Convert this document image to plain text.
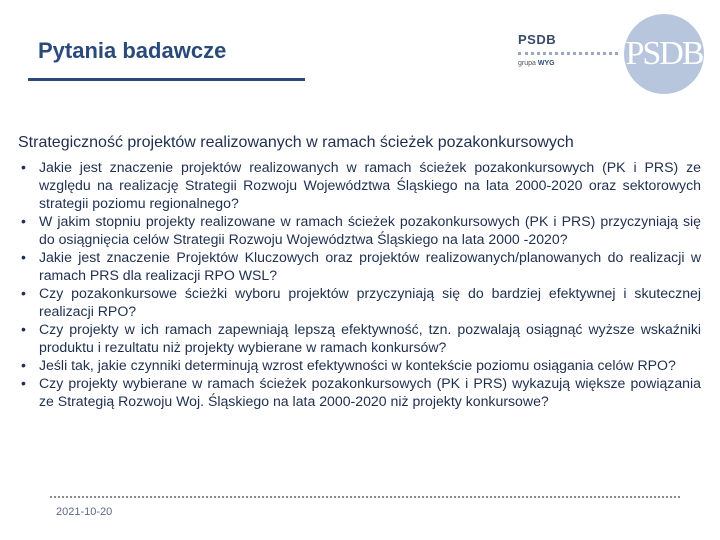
Pytania badawcze	PSDB
grupa WYG PSDB
Strategiczność projektów realizowanych w ramach ścieżek pozakonkursowych
• Jakie jest znaczenie projektów realizowanych w ramach ścieżek pozakonkursowych (PK i PRS) ze względu na realizację Strategii Rozwoju Województwa Śląskiego na lata 2000-2020 oraz sektorowych strategii poziomu regionalnego?
• W jakim stopniu projekty realizowane w ramach ścieżek pozakonkursowych (PK i PRS) przyczyniają się do osiągnięcia celów Strategii Rozwoju Województwa Śląskiego na lata 2000 -2020?
• Jakie jest znaczenie Projektów Kluczowych oraz projektów realizowanych/planowanych do realizacji w ramach PRS dla realizacji RPO WSL?
• Czy pozakonkursowe ścieżki wyboru projektów przyczyniają się do bardziej efektywnej i skutecznej realizacji RPO?
• Czy projekty w ich ramach zapewniają lepszą efektywność, tzn. pozwalają osiągnąć wyższe wskaźniki produktu i rezultatu niż projekty wybierane w ramach konkursów?
• Jeśli tak, jakie czynniki determinują wzrost efektywności w kontekście poziomu osiągania celów RPO?
• Czy projekty wybierane w ramach ścieżek pozakonkursowych (PK i PRS) wykazują większe powiązania ze Strategią Rozwoju Woj. Śląskiego na lata 2000-2020 niż projekty konkursowe?
2021-10-20
